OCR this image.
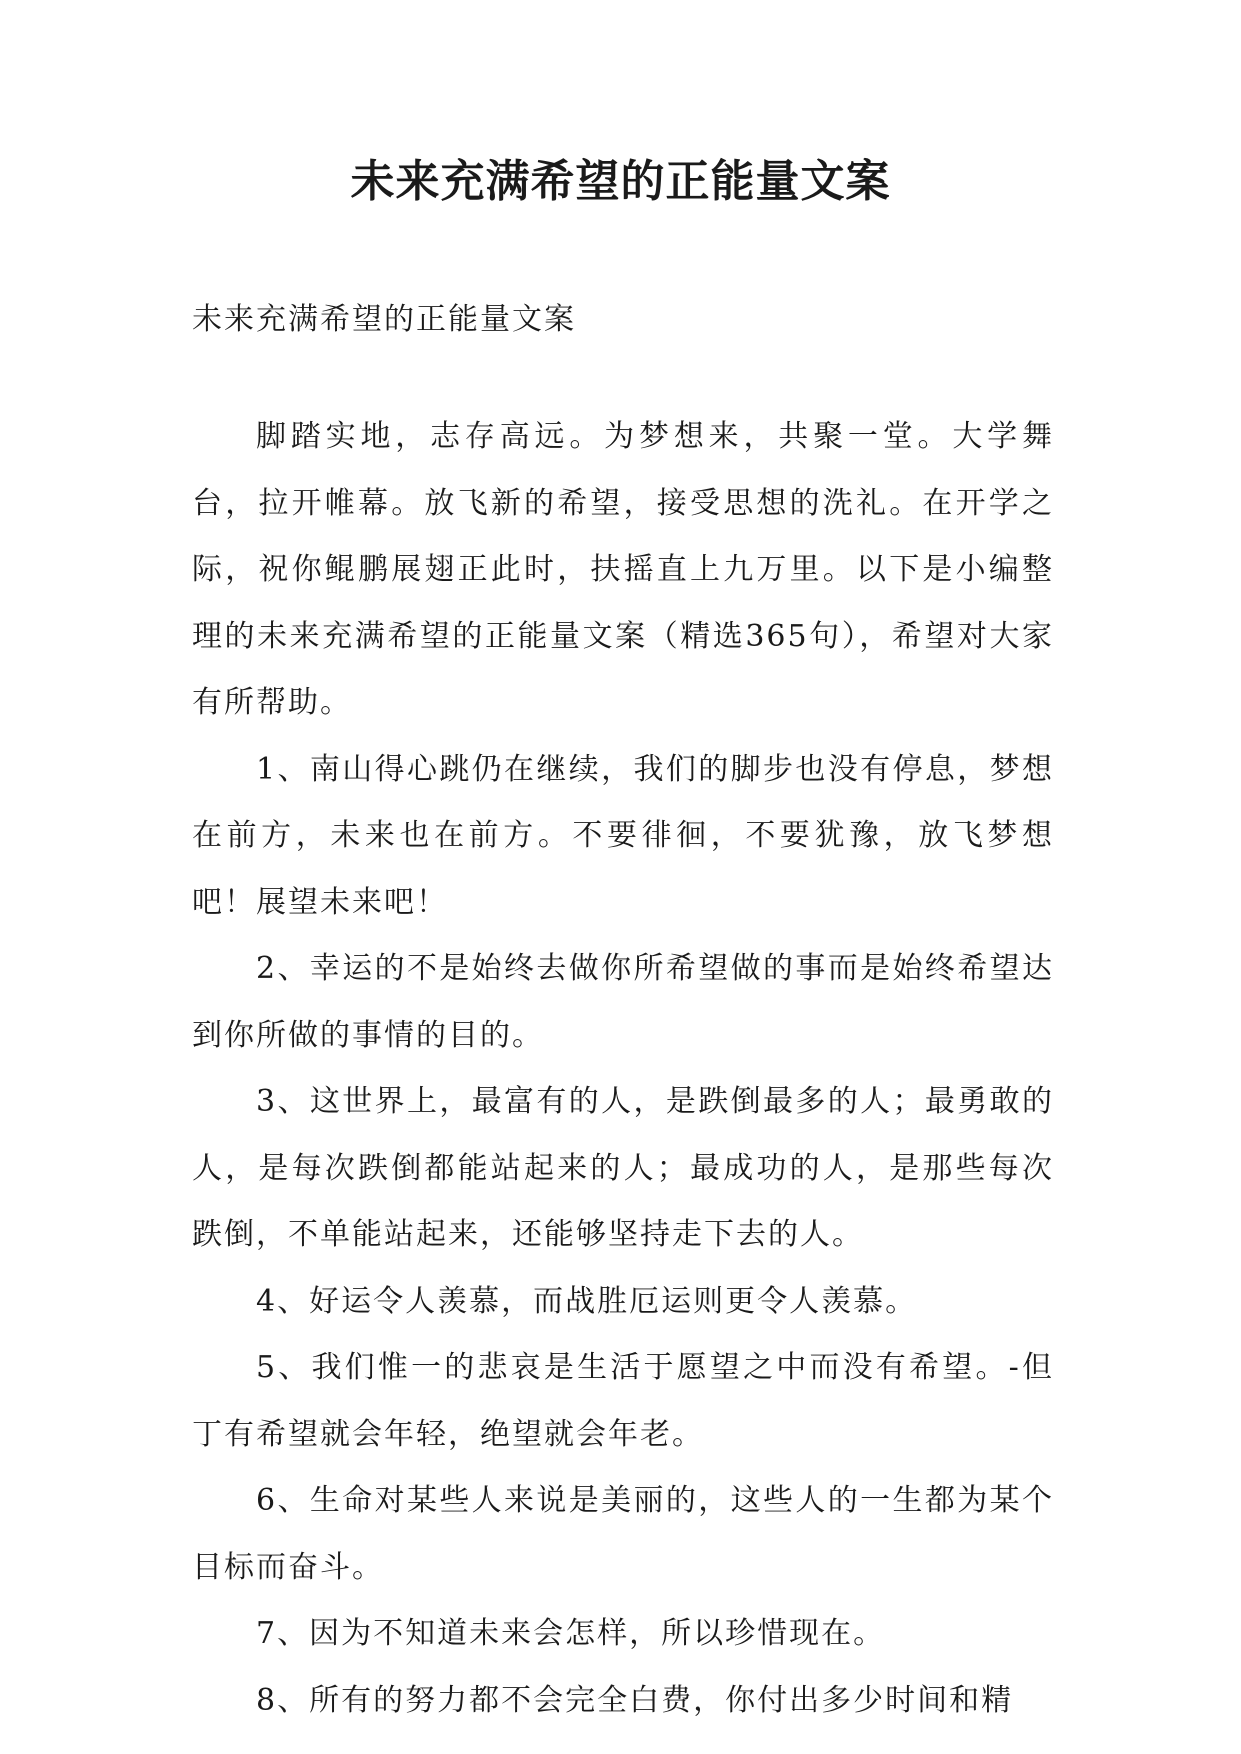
未来充满希望的正能量文案

未来充满希望的正能量文案

脚踏实地，志存高远。为梦想来，共聚一堂。大学舞台，拉开帷幕。放飞新的希望，接受思想的洗礼。在开学之际，祝你鲲鹏展翅正此时，扶摇直上九万里。以下是小编整理的未来充满希望的正能量文案（精选365句），希望对大家有所帮助。

1、南山得心跳仍在继续，我们的脚步也没有停息，梦想在前方，未来也在前方。不要徘徊，不要犹豫，放飞梦想吧！展望未来吧！

2、幸运的不是始终去做你所希望做的事而是始终希望达到你所做的事情的目的。

3、这世界上，最富有的人，是跌倒最多的人；最勇敢的人，是每次跌倒都能站起来的人；最成功的人，是那些每次跌倒，不单能站起来，还能够坚持走下去的人。

4、好运令人羡慕，而战胜厄运则更令人羡慕。

5、我们惟一的悲哀是生活于愿望之中而没有希望。-但丁有希望就会年轻，绝望就会年老。

6、生命对某些人来说是美丽的，这些人的一生都为某个目标而奋斗。

7、因为不知道未来会怎样，所以珍惜现在。

8、所有的努力都不会完全白费，你付出多少时间和精
